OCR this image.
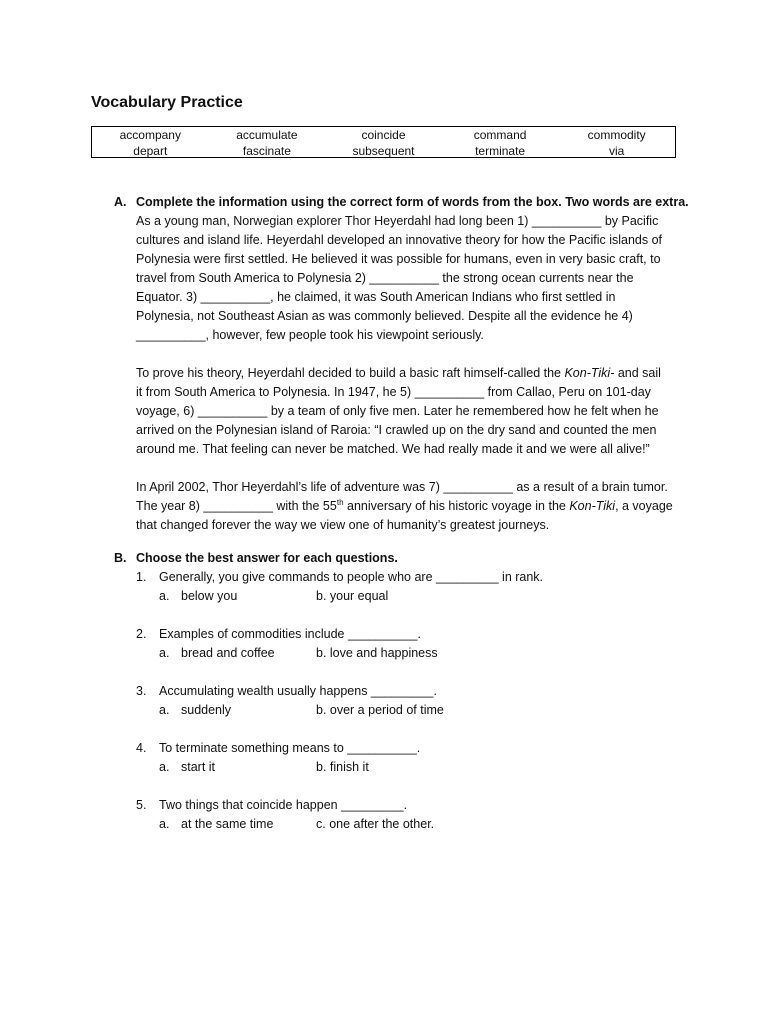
Vocabulary Practice
accompany	accumulate	coincide	command	commodity
depart	fascinate	subsequent	terminate	via
A. Complete the information using the correct form of words from the box. Two words are extra.
As a young man, Norwegian explorer Thor Heyerdahl had long been 1) __________ by Pacific
cultures and island life. Heyerdahl developed an innovative theory for how the Pacific islands of
Polynesia were first settled. He believed it was possible for humans, even in very basic craft, to
travel from South America to Polynesia 2) __________ the strong ocean currents near the
Equator. 3) __________, he claimed, it was South American Indians who first settled in
Polynesia, not Southeast Asian as was commonly believed. Despite all the evidence he 4)
__________, however, few people took his viewpoint seriously.
To prove his theory, Heyerdahl decided to build a basic raft himself-called the Kon-Tiki- and sail
it from South America to Polynesia. In 1947, he 5) __________ from Callao, Peru on 101-day
voyage, 6) __________ by a team of only five men. Later he remembered how he felt when he
arrived on the Polynesian island of Raroia: “I crawled up on the dry sand and counted the men
around me. That feeling can never be matched. We had really made it and we were all alive!”
In April 2002, Thor Heyerdahl’s life of adventure was 7) __________ as a result of a brain tumor.
The year 8) __________ with the 55th anniversary of his historic voyage in the Kon-Tiki, a voyage
that changed forever the way we view one of humanity’s greatest journeys.
B. Choose the best answer for each questions.
1. Generally, you give commands to people who are _________ in rank.
a. below you	b. your equal
2. Examples of commodities include __________.
a. bread and coffee	b. love and happiness
3. Accumulating wealth usually happens _________.
a. suddenly	b. over a period of time
4. To terminate something means to __________.
a. start it	b. finish it
5. Two things that coincide happen _________.
a. at the same time	c. one after the other.
